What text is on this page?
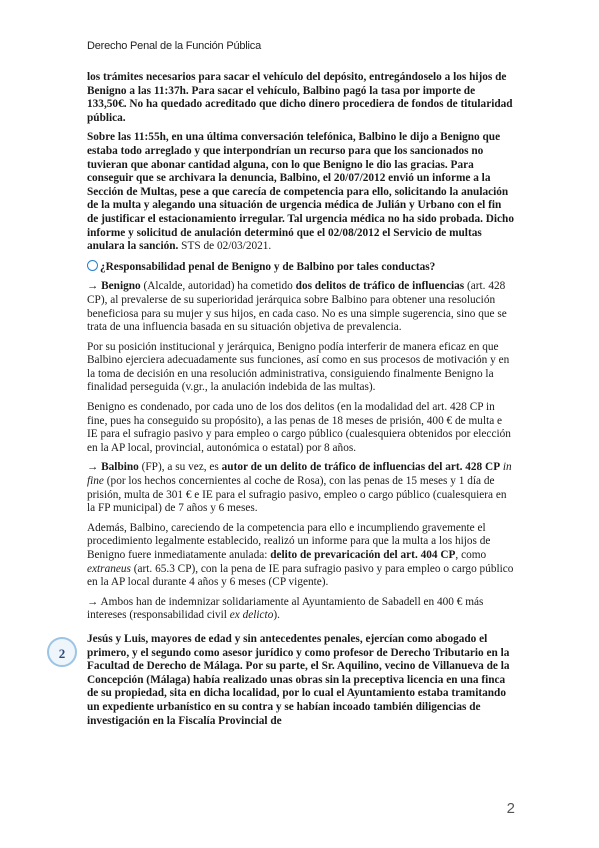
Derecho Penal de la Función Pública

los trámites necesarios para sacar el vehículo del depósito, entregándoselo a los hijos de Benigno a las 11:37h. Para sacar el vehículo, Balbino pagó la tasa por importe de 133,50€. No ha quedado acreditado que dicho dinero procediera de fondos de titularidad pública.

Sobre las 11:55h, en una última conversación telefónica, Balbino le dijo a Benigno que estaba todo arreglado y que interpondrían un recurso para que los sancionados no tuvieran que abonar cantidad alguna, con lo que Benigno le dio las gracias. Para conseguir que se archivara la denuncia, Balbino, el 20/07/2012 envió un informe a la Sección de Multas, pese a que carecía de competencia para ello, solicitando la anulación de la multa y alegando una situación de urgencia médica de Julián y Urbano con el fin de justificar el estacionamiento irregular. Tal urgencia médica no ha sido probada. Dicho informe y solicitud de anulación determinó que el 02/08/2012 el Servicio de multas anulara la sanción. STS de 02/03/2021.

¿Responsabilidad penal de Benigno y de Balbino por tales conductas?

→ Benigno (Alcalde, autoridad) ha cometido dos delitos de tráfico de influencias (art. 428 CP), al prevalerse de su superioridad jerárquica sobre Balbino para obtener una resolución beneficiosa para su mujer y sus hijos, en cada caso. No es una simple sugerencia, sino que se trata de una influencia basada en su situación objetiva de prevalencia.

Por su posición institucional y jerárquica, Benigno podía interferir de manera eficaz en que Balbino ejerciera adecuadamente sus funciones, así como en sus procesos de motivación y en la toma de decisión en una resolución administrativa, consiguiendo finalmente Benigno la finalidad perseguida (v.gr., la anulación indebida de las multas).

Benigno es condenado, por cada uno de los dos delitos (en la modalidad del art. 428 CP in fine, pues ha conseguido su propósito), a las penas de 18 meses de prisión, 400 € de multa e IE para el sufragio pasivo y para empleo o cargo público (cualesquiera obtenidos por elección en la AP local, provincial, autonómica o estatal) por 8 años.

→ Balbino (FP), a su vez, es autor de un delito de tráfico de influencias del art. 428 CP in fine (por los hechos concernientes al coche de Rosa), con las penas de 15 meses y 1 día de prisión, multa de 301 € e IE para el sufragio pasivo, empleo o cargo público (cualesquiera en la FP municipal) de 7 años y 6 meses.

Además, Balbino, careciendo de la competencia para ello e incumpliendo gravemente el procedimiento legalmente establecido, realizó un informe para que la multa a los hijos de Benigno fuere inmediatamente anulada: delito de prevaricación del art. 404 CP, como extraneus (art. 65.3 CP), con la pena de IE para sufragio pasivo y para empleo o cargo público en la AP local durante 4 años y 6 meses (CP vigente).

→ Ambos han de indemnizar solidariamente al Ayuntamiento de Sabadell en 400 € más intereses (responsabilidad civil ex delicto).

Jesús y Luis, mayores de edad y sin antecedentes penales, ejercían como abogado el primero, y el segundo como asesor jurídico y como profesor de Derecho Tributario en la Facultad de Derecho de Málaga. Por su parte, el Sr. Aquilino, vecino de Villanueva de la Concepción (Málaga) había realizado unas obras sin la preceptiva licencia en una finca de su propiedad, sita en dicha localidad, por lo cual el Ayuntamiento estaba tramitando un expediente urbanístico en su contra y se habían incoado también diligencias de investigación en la Fiscalía Provincial de

2
2
